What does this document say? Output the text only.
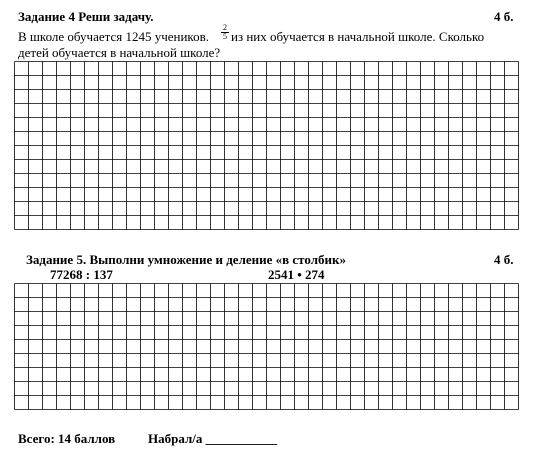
Задание 4 Реши задачу.	4 б.
В школе обучается 1245 учеников. $\frac{2}{5}$ из них обучается в начальной школе. Сколько
детей обучается в начальной школе?
Задание 5. Выполни умножение и деление «в столбик»	4 б.
77268 : 137	2541 • 274
Всего: 14 баллов	Набрал/а ___________
